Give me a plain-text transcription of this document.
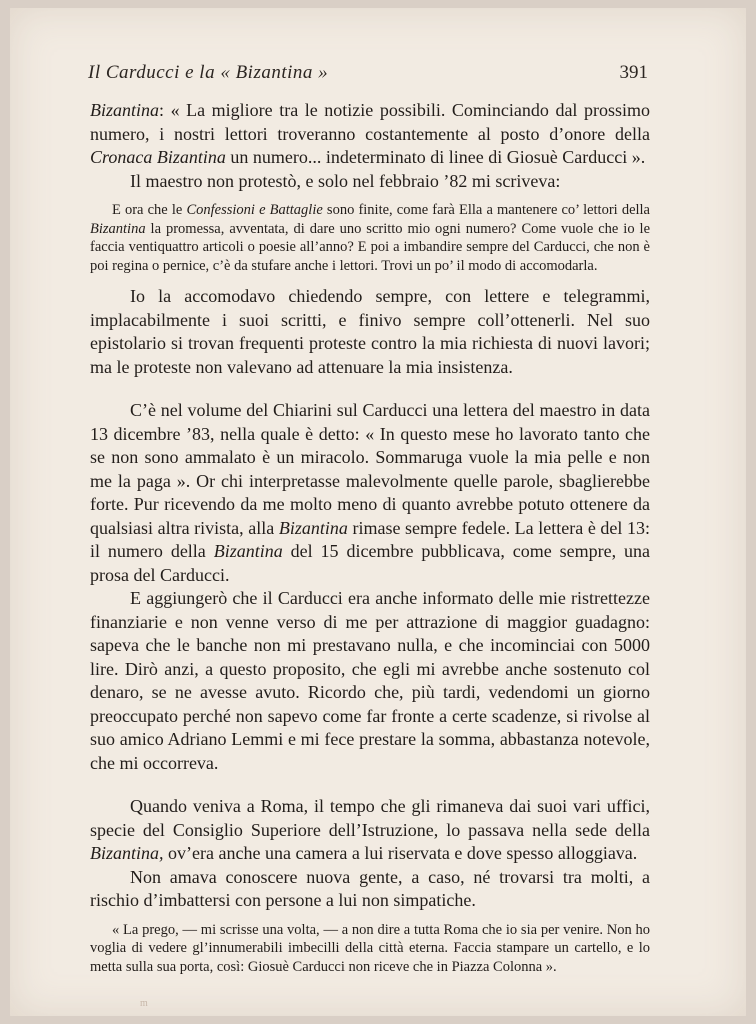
Il Carducci e la « Bizantina »	391

Bizantina: « La migliore tra le notizie possibili. Cominciando dal prossimo numero, i nostri lettori troveranno costantemente al posto d’onore della Cronaca Bizantina un numero... indeterminato di linee di Giosuè Carducci ».

Il maestro non protestò, e solo nel febbraio ’82 mi scriveva:

E ora che le Confessioni e Battaglie sono finite, come farà Ella a mantenere co’ lettori della Bizantina la promessa, avventata, di dare uno scritto mio ogni numero? Come vuole che io le faccia ventiquattro articoli o poesie all’anno? E poi a imbandire sempre del Carducci, che non è poi regina o pernice, c’è da stufare anche i lettori. Trovi un po’ il modo di accomodarla.

Io la accomodavo chiedendo sempre, con lettere e telegrammi, implacabilmente i suoi scritti, e finivo sempre coll’ottenerli. Nel suo epistolario si trovan frequenti proteste contro la mia richiesta di nuovi lavori; ma le proteste non valevano ad attenuare la mia insistenza.

C’è nel volume del Chiarini sul Carducci una lettera del maestro in data 13 dicembre ’83, nella quale è detto: « In questo mese ho lavorato tanto che se non sono ammalato è un miracolo. Sommaruga vuole la mia pelle e non me la paga ». Or chi interpretasse malevolmente quelle parole, sbaglierebbe forte. Pur ricevendo da me molto meno di quanto avrebbe potuto ottenere da qualsiasi altra rivista, alla Bizantina rimase sempre fedele. La lettera è del 13: il numero della Bizantina del 15 dicembre pubblicava, come sempre, una prosa del Carducci.

E aggiungerò che il Carducci era anche informato delle mie ristrettezze finanziarie e non venne verso di me per attrazione di maggior guadagno: sapeva che le banche non mi prestavano nulla, e che incominciai con 5000 lire. Dirò anzi, a questo proposito, che egli mi avrebbe anche sostenuto col denaro, se ne avesse avuto. Ricordo che, più tardi, vedendomi un giorno preoccupato perché non sapevo come far fronte a certe scadenze, si rivolse al suo amico Adriano Lemmi e mi fece prestare la somma, abbastanza notevole, che mi occorreva.

Quando veniva a Roma, il tempo che gli rimaneva dai suoi vari uffici, specie del Consiglio Superiore dell’Istruzione, lo passava nella sede della Bizantina, ov’era anche una camera a lui riservata e dove spesso alloggiava.

Non amava conoscere nuova gente, a caso, né trovarsi tra molti, a rischio d’imbattersi con persone a lui non simpatiche.

« La prego, — mi scrisse una volta, — a non dire a tutta Roma che io sia per venire. Non ho voglia di vedere gl’innumerabili imbecilli della città eterna. Faccia stampare un cartello, e lo metta sulla sua porta, così: Giosuè Carducci non riceve che in Piazza Colonna ».

m
